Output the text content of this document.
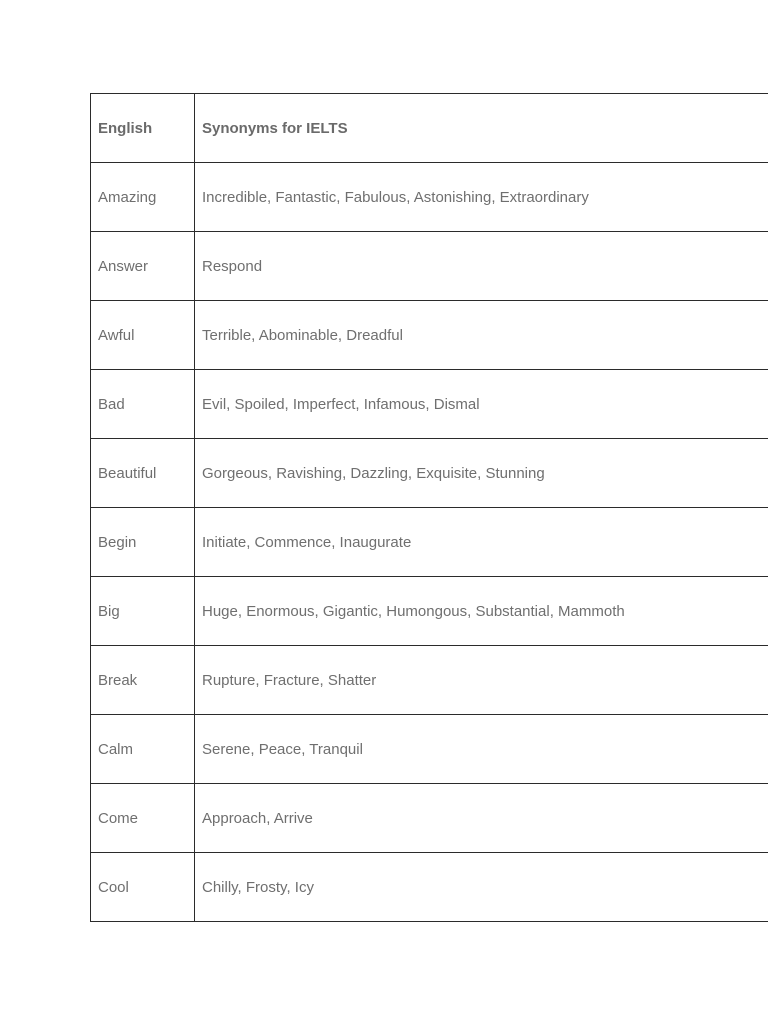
English	Synonyms for IELTS
Amazing	Incredible, Fantastic, Fabulous, Astonishing, Extraordinary
Answer	Respond
Awful	Terrible, Abominable, Dreadful
Bad	Evil, Spoiled, Imperfect, Infamous, Dismal
Beautiful	Gorgeous, Ravishing, Dazzling, Exquisite, Stunning
Begin	Initiate, Commence, Inaugurate
Big	Huge, Enormous, Gigantic, Humongous, Substantial, Mammoth
Break	Rupture, Fracture, Shatter
Calm	Serene, Peace, Tranquil
Come	Approach, Arrive
Cool	Chilly, Frosty, Icy
